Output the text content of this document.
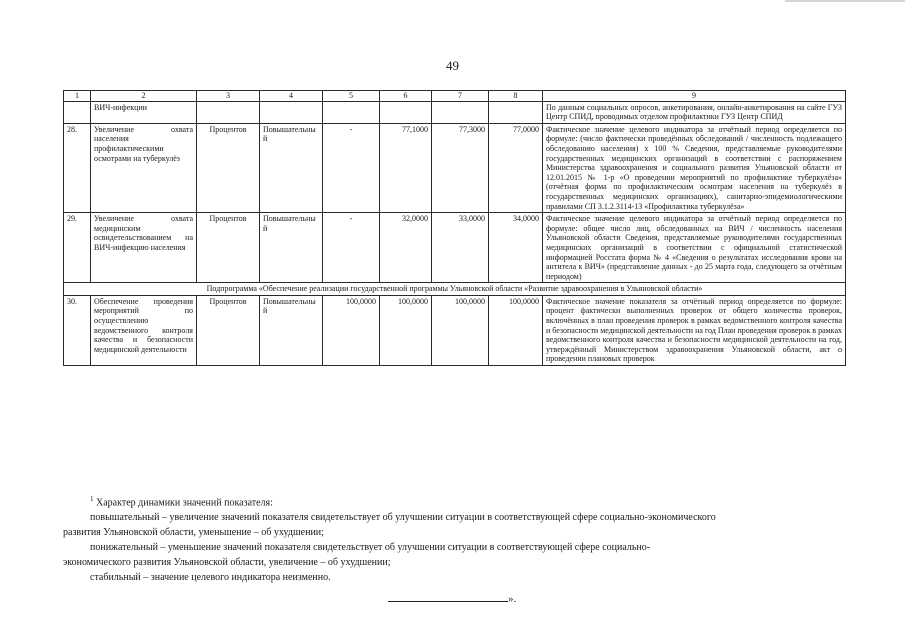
49
1	2	3	4	5	6	7	8	9
	ВИЧ-инфекции							По данным социальных опросов, анкетирования, онлайн-анкетирования на сайте ГУЗ Центр СПИД, проводимых отделом профилактики ГУЗ Центр СПИД
28.	Увеличение охвата населения профилактическими осмотрами на туберкулёз	Процентов	Повышательный	-	77,1000	77,3000	77,0000	Фактическое значение целевого индикатора за отчётный период определяется по формуле: (число фактически проведённых обследований / численность подлежащего обследованию населения) х 100 % Сведения, представляемые руководителями государственных медицинских организаций в соответствии с распоряжением Министерства здравоохранения и социального развития Ульяновской области от 12.01.2015 № 1-р «О проведении мероприятий по профилактике туберкулёза» (отчётная форма по профилактическим осмотрам населения на туберкулёз в государственных медицинских организациях), санитарно-эпидемиологическими правилами СП 3.1.2.3114-13 «Профилактика туберкулёза»
29.	Увеличение охвата медицинским освидетельствованием на ВИЧ-инфекцию населения	Процентов	Повышательный	-	32,0000	33,0000	34,0000	Фактическое значение целевого индикатора за отчётный период определяется по формуле: общее число лиц, обследованных на ВИЧ / численность населения Ульяновской области Сведения, представляемые руководителями государственных медицинских организаций в соответствии с официальной статистической информацией Росстата форма № 4 «Сведения о результатах исследования крови на антитела к ВИЧ» (представление данных - до 25 марта года, следующего за отчётным периодом)
Подпрограмма «Обеспечение реализации государственной программы Ульяновской области «Развитие здравоохранения в Ульяновской области»								
30.	Обеспечение проведения мероприятий по осуществлению ведомственного контроля качества и безопасности медицинской деятельности	Процентов	Повышательный	100,0000	100,0000	100,0000	100,0000	Фактическое значение показателя за отчётный период определяется по формуле: процент фактически выполненных проверок от общего количества проверок, включённых в план проведения проверок в рамках ведомственного контроля качества и безопасности медицинской деятельности на год План проведения проверок в рамках ведомственного контроля качества и безопасности медицинской деятельности на год, утверждённый Министерством здравоохранения Ульяновской области, акт о проведении плановых проверок

$^1$ Характер динамики значений показателя:

повышательный – увеличение значений показателя свидетельствует об улучшении ситуации в соответствующей сфере социально-экономического

развития Ульяновской области, уменьшение – об ухудшении;

понижательный – уменьшение значений показателя свидетельствует об улучшении ситуации в соответствующей сфере социально-

экономического развития Ульяновской области, увеличение – об ухудшении;

стабильный – значение целевого индикатора неизменно.

».
